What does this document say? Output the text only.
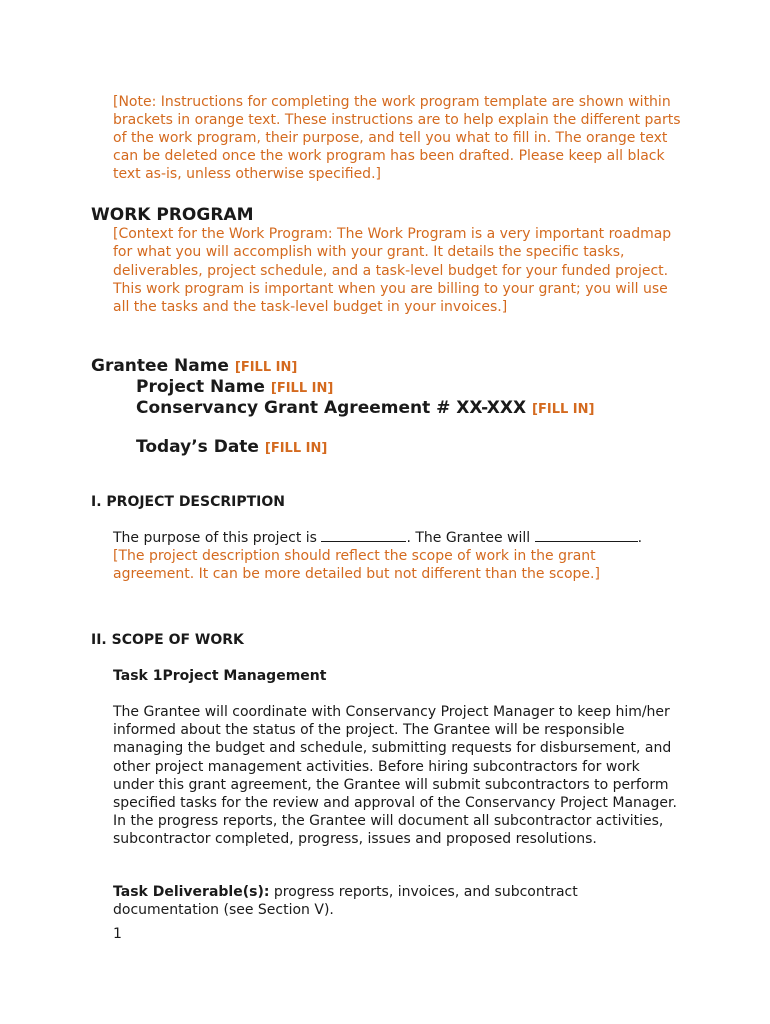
[Note: Instructions for completing the work program template are shown within brackets in orange text. These instructions are to help explain the different parts of the work program, their purpose, and tell you what to fill in. The orange text can be deleted once the work program has been drafted. Please keep all black text as-is, unless otherwise specified.]
WORK PROGRAM
[Context for the Work Program: The Work Program is a very important roadmap for what you will accomplish with your grant. It details the specific tasks, deliverables, project schedule, and a task-level budget for your funded project. This work program is important when you are billing to your grant; you will use all the tasks and the task-level budget in your invoices.]
Grantee Name [FILL IN]
Project Name [FILL IN]
Conservancy Grant Agreement # XX-XXX [FILL IN]
Today’s Date [FILL IN]
I. PROJECT DESCRIPTION
The purpose of this project is	. The Grantee will	.
[The project description should reflect the scope of work in the grant agreement. It can be more detailed but not different than the scope.]
II. SCOPE OF WORK
Task 1Project Management
The Grantee will coordinate with Conservancy Project Manager to keep him/her informed about the status of the project. The Grantee will be responsible managing the budget and schedule, submitting requests for disbursement, and other project management activities. Before hiring subcontractors for work under this grant agreement, the Grantee will submit subcontractors to perform specified tasks for the review and approval of the Conservancy Project Manager. In the progress reports, the Grantee will document all subcontractor activities, subcontractor completed, progress, issues and proposed resolutions.
Task Deliverable(s): progress reports, invoices, and subcontract documentation (see Section V).
1
